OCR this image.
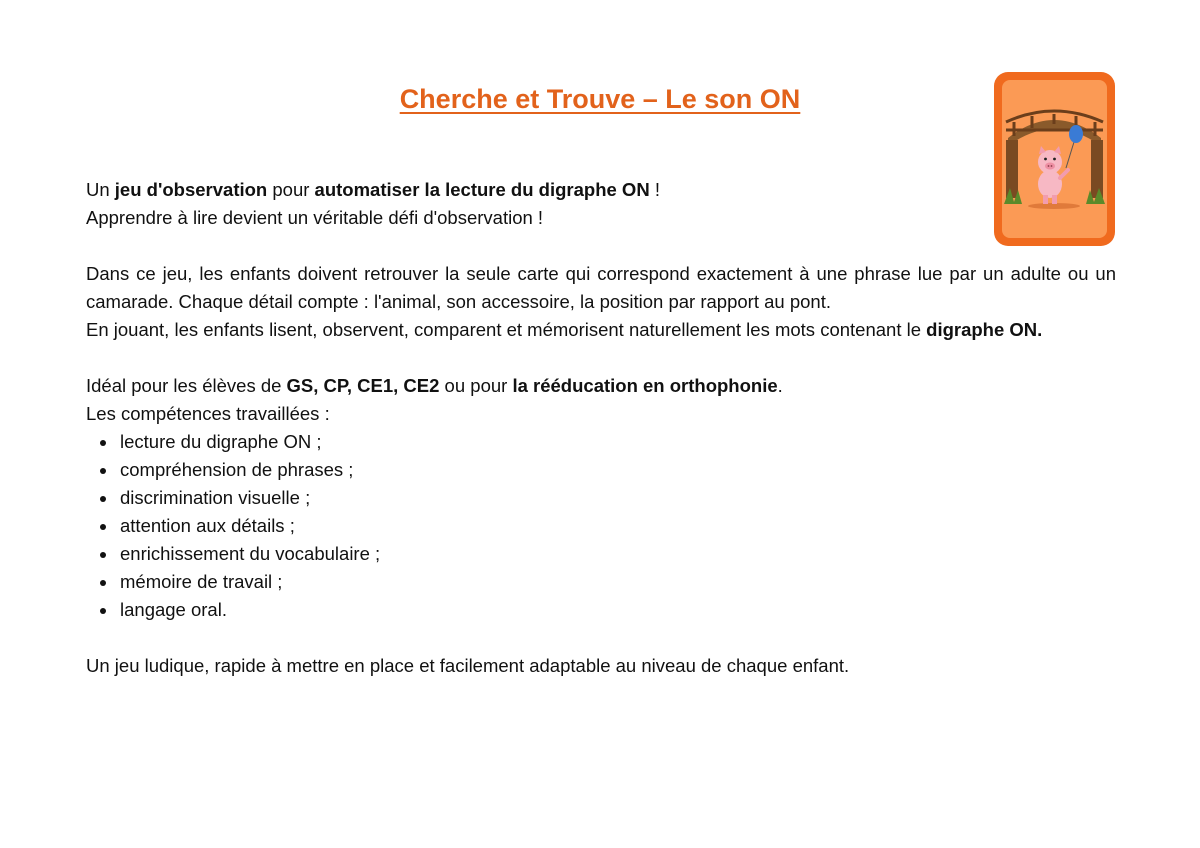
Cherche et Trouve – Le son ON

Un jeu d'observation pour automatiser la lecture du digraphe ON !

Apprendre à lire devient un véritable défi d'observation !

Dans ce jeu, les enfants doivent retrouver la seule carte qui correspond exactement à une phrase lue par un adulte ou un camarade. Chaque détail compte : l'animal, son accessoire, la position par rapport au pont.

En jouant, les enfants lisent, observent, comparent et mémorisent naturellement les mots contenant le digraphe ON.

Idéal pour les élèves de GS, CP, CE1, CE2 ou pour la rééducation en orthophonie.

Les compétences travaillées :

• lecture du digraphe ON ;
• compréhension de phrases ;
• discrimination visuelle ;
• attention aux détails ;
• enrichissement du vocabulaire ;
• mémoire de travail ;
• langage oral.

Un jeu ludique, rapide à mettre en place et facilement adaptable au niveau de chaque enfant.
